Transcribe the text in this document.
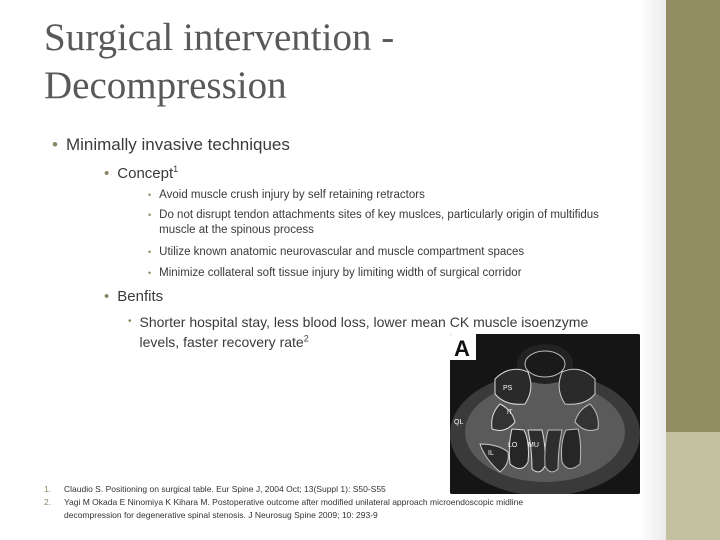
Surgical intervention -
Decompression
• Minimally invasive techniques
• Concept$^1$
• Avoid muscle crush injury by self retaining retractors
• Do not disrupt tendon attachments sites of key muslces, particularly origin of multifidus muscle at the spinous process
• Utilize known anatomic neurovascular and muscle compartment spaces
• Minimize collateral soft tissue injury by limiting width of surgical corridor
• Benfits
• Shorter hospital stay, less blood loss, lower mean CK muscle isoenzyme levels, faster recovery rate$^2$	A
PS
IT
QL
LO MU
IL
1.	Claudio S. Positioning on surgical table. Eur Spine J, 2004 Oct; 13(Suppl 1): S50-S55
2.	Yagi M Okada E Ninomiya K Kihara M. Postoperative outcome after modified unilateral approach microendoscopic midline
decompression for degenerative spinal stenosis. J Neurosug Spine 2009; 10: 293-9
